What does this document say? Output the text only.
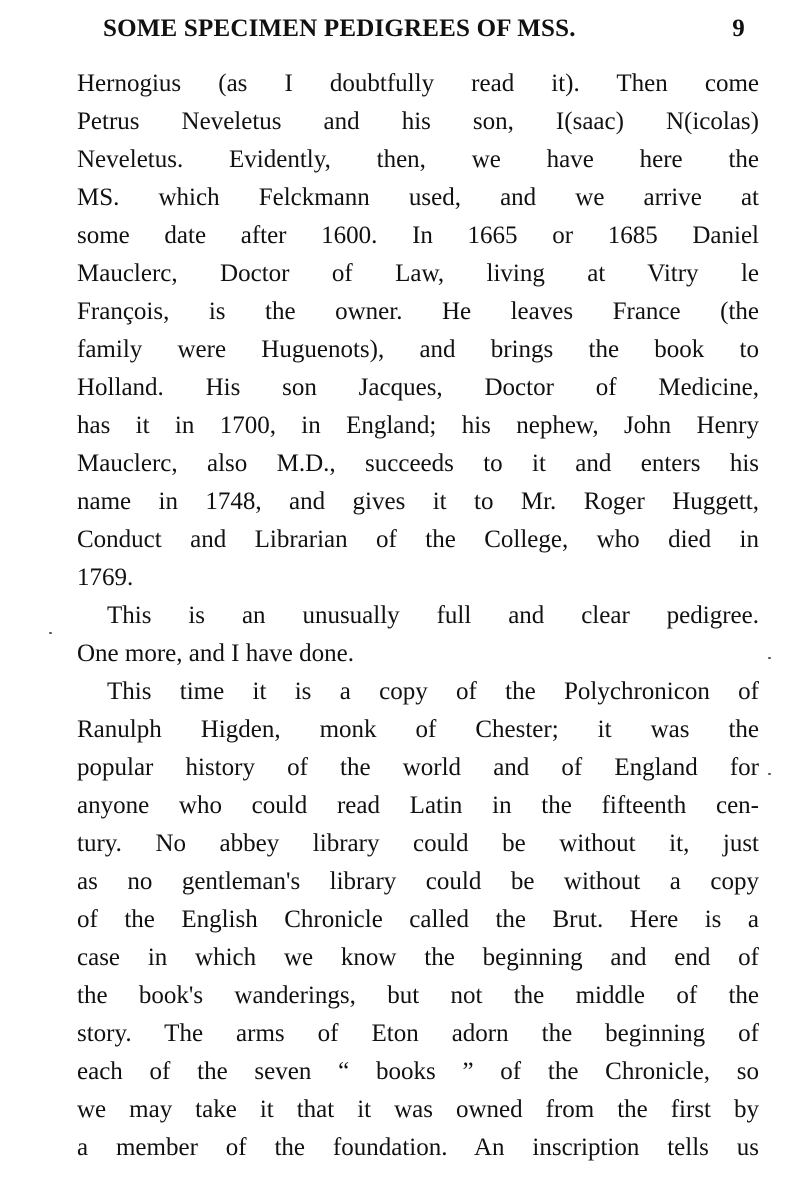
SOME SPECIMEN PEDIGREES OF MSS.	9
Hernogius (as I doubtfully read it). Then come
Petrus Neveletus and his son, I(saac) N(icolas)
Neveletus. Evidently, then, we have here the
MS. which Felckmann used, and we arrive at
some date after 1600. In 1665 or 1685 Daniel
Mauclerc, Doctor of Law, living at Vitry le
François, is the owner. He leaves France (the
family were Huguenots), and brings the book to
Holland. His son Jacques, Doctor of Medicine,
has it in 1700, in England; his nephew, John Henry
Mauclerc, also M.D., succeeds to it and enters his
name in 1748, and gives it to Mr. Roger Huggett,
Conduct and Librarian of the College, who died in
1769.
This is an unusually full and clear pedigree.
One more, and I have done.
This time it is a copy of the Polychronicon of
Ranulph Higden, monk of Chester; it was the
popular history of the world and of England for
anyone who could read Latin in the fifteenth cen-
tury. No abbey library could be without it, just
as no gentleman's library could be without a copy
of the English Chronicle called the Brut. Here is a
case in which we know the beginning and end of
the book's wanderings, but not the middle of the
story. The arms of Eton adorn the beginning of
each of the seven “ books ” of the Chronicle, so
we may take it that it was owned from the first by
a member of the foundation. An inscription tells us
